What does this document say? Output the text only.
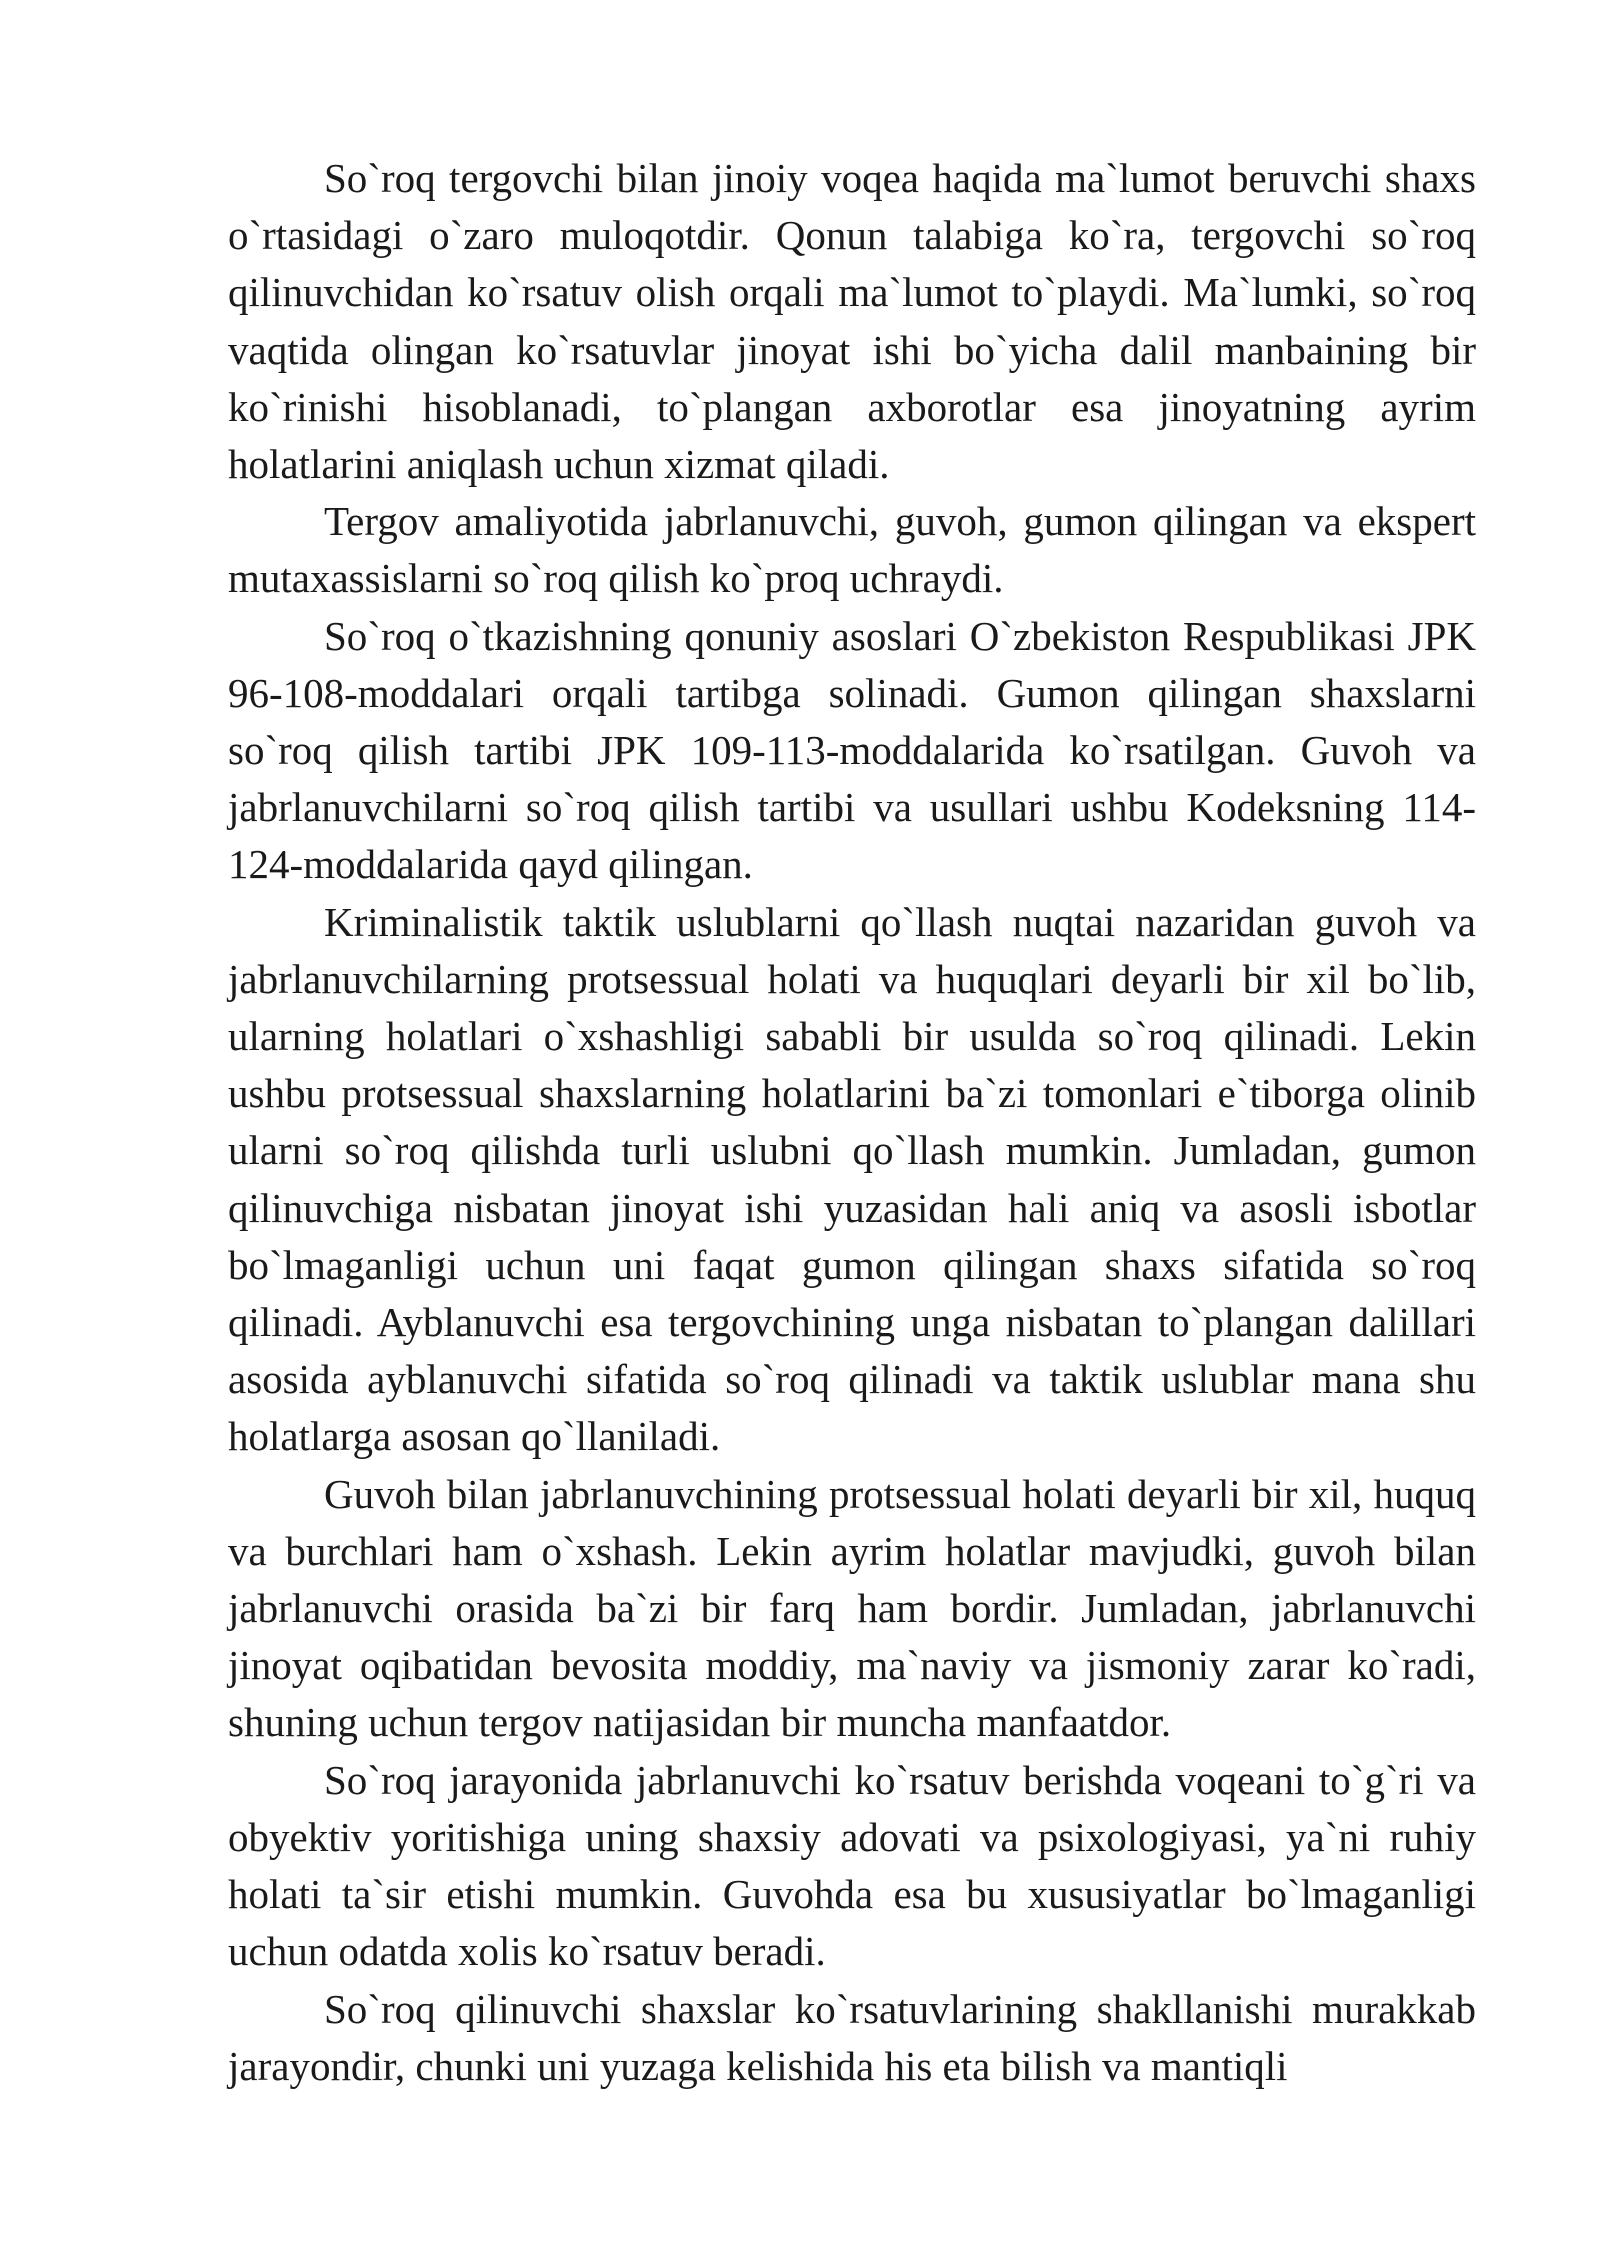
So`roq tergovchi bilan jinoiy voqea haqida ma`lumot beruvchi shaxs o`rtasidagi o`zaro muloqotdir. Qonun talabiga ko`ra, tergovchi so`roq qilinuvchidan ko`rsatuv olish orqali ma`lumot to`playdi. Ma`lumki, so`roq vaqtida olingan ko`rsatuvlar jinoyat ishi bo`yicha dalil manbaining bir ko`rinishi hisoblanadi, to`plangan axborotlar esa jinoyatning ayrim holatlarini aniqlash uchun xizmat qiladi.

Tergov amaliyotida jabrlanuvchi, guvoh, gumon qilingan va ekspert mutaxassislarni so`roq qilish ko`proq uchraydi.

So`roq o`tkazishning qonuniy asoslari O`zbekiston Respublikasi JPK 96-108-moddalari orqali tartibga solinadi. Gumon qilingan shaxslarni so`roq qilish tartibi JPK 109-113-moddalarida ko`rsatilgan. Guvoh va jabrlanuvchilarni so`roq qilish tartibi va usullari ushbu Kodeksning 114-124-moddalarida qayd qilingan.

Kriminalistik taktik uslublarni qo`llash nuqtai nazaridan guvoh va jabrlanuvchilarning protsessual holati va huquqlari deyarli bir xil bo`lib, ularning holatlari o`xshashligi sababli bir usulda so`roq qilinadi. Lekin ushbu protsessual shaxslarning holatlarini ba`zi tomonlari e`tiborga olinib ularni so`roq qilishda turli uslubni qo`llash mumkin. Jumladan, gumon qilinuvchiga nisbatan jinoyat ishi yuzasidan hali aniq va asosli isbotlar bo`lmaganligi uchun uni faqat gumon qilingan shaxs sifatida so`roq qilinadi. Ayblanuvchi esa tergovchining unga nisbatan to`plangan dalillari asosida ayblanuvchi sifatida so`roq qilinadi va taktik uslublar mana shu holatlarga asosan qo`llaniladi.

Guvoh bilan jabrlanuvchining protsessual holati deyarli bir xil, huquq va burchlari ham o`xshash. Lekin ayrim holatlar mavjudki, guvoh bilan jabrlanuvchi orasida ba`zi bir farq ham bordir. Jumladan, jabrlanuvchi jinoyat oqibatidan bevosita moddiy, ma`naviy va jismoniy zarar ko`radi, shuning uchun tergov natijasidan bir muncha manfaatdor.

So`roq jarayonida jabrlanuvchi ko`rsatuv berishda voqeani to`g`ri va obyektiv yoritishiga uning shaxsiy adovati va psixologiyasi, ya`ni ruhiy holati ta`sir etishi mumkin. Guvohda esa bu xususiyatlar bo`lmaganligi uchun odatda xolis ko`rsatuv beradi.

So`roq qilinuvchi shaxslar ko`rsatuvlarining shakllanishi murakkab jarayondir, chunki uni yuzaga kelishida his eta bilish va mantiqli
